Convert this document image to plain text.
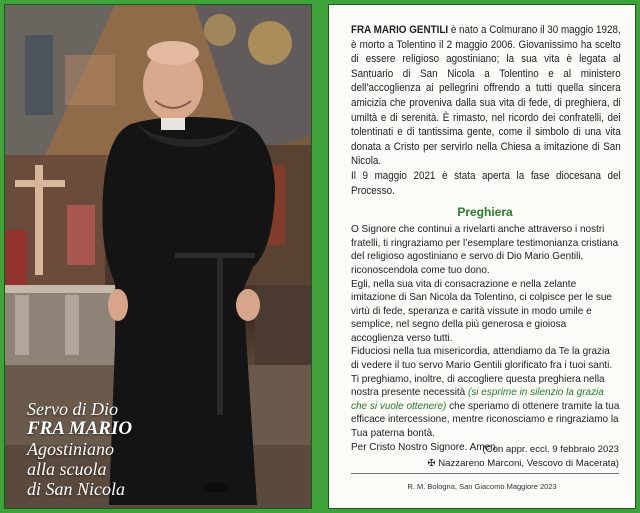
Servo di Dio
FRA MARIO
Agostiniano
alla scuola
di San Nicola
FRA MARIO GENTILI è nato a Colmurano il 30 maggio 1928, è morto a Tolentino il 2 maggio 2006. Giovanissimo ha scelto di essere religioso agostiniano; la sua vita è legata al Santuario di San Nicola a Tolentino e al ministero dell’accoglienza ai pellegrini offrendo a tutti quella sincera amicizia che proveniva dalla sua vita di fede, di preghiera, di umiltà e di serenità. È rimasto, nel ricordo dei confratelli, dei tolentinati e di tantissima gente, come il simbolo di una vita donata a Cristo per servirlo nella Chiesa a imitazione di San Nicola.
Il 9 maggio 2021 è stata aperta la fase diocesana del Processo.
Preghiera

O Signore che continui a rivelarti anche attraverso i nostri fratelli, ti ringraziamo per l’esemplare testimonianza cristiana del religioso agostiniano e servo di Dio Mario Gentili, riconoscendola come tuo dono.

Egli, nella sua vita di consacrazione e nella zelante imitazione di San Nicola da Tolentino, ci colpisce per le sue virtù di fede, speranza e carità vissute in modo umile e semplice, nel segno della più generosa e gioiosa accoglienza verso tutti.

Fiduciosi nella tua misericordia, attendiamo da Te la grazia di vedere il tuo servo Mario Gentili glorificato fra i tuoi santi. Ti preghiamo, inoltre, di accogliere questa preghiera nella nostra presente necessità (si esprime in silenzio la grazia che si vuole ottenere) che speriamo di ottenere tramite la tua efficace intercessione, mentre riconosciamo e ringraziamo la Tua paterna bontà.

Per Cristo Nostro Signore. Amen.

(Con appr. eccl. 9 febbraio 2023
✠ Nazzareno Marconi, Vescovo di Macerata)
R. M. Bologna, San Giacomo Maggiore 2023
